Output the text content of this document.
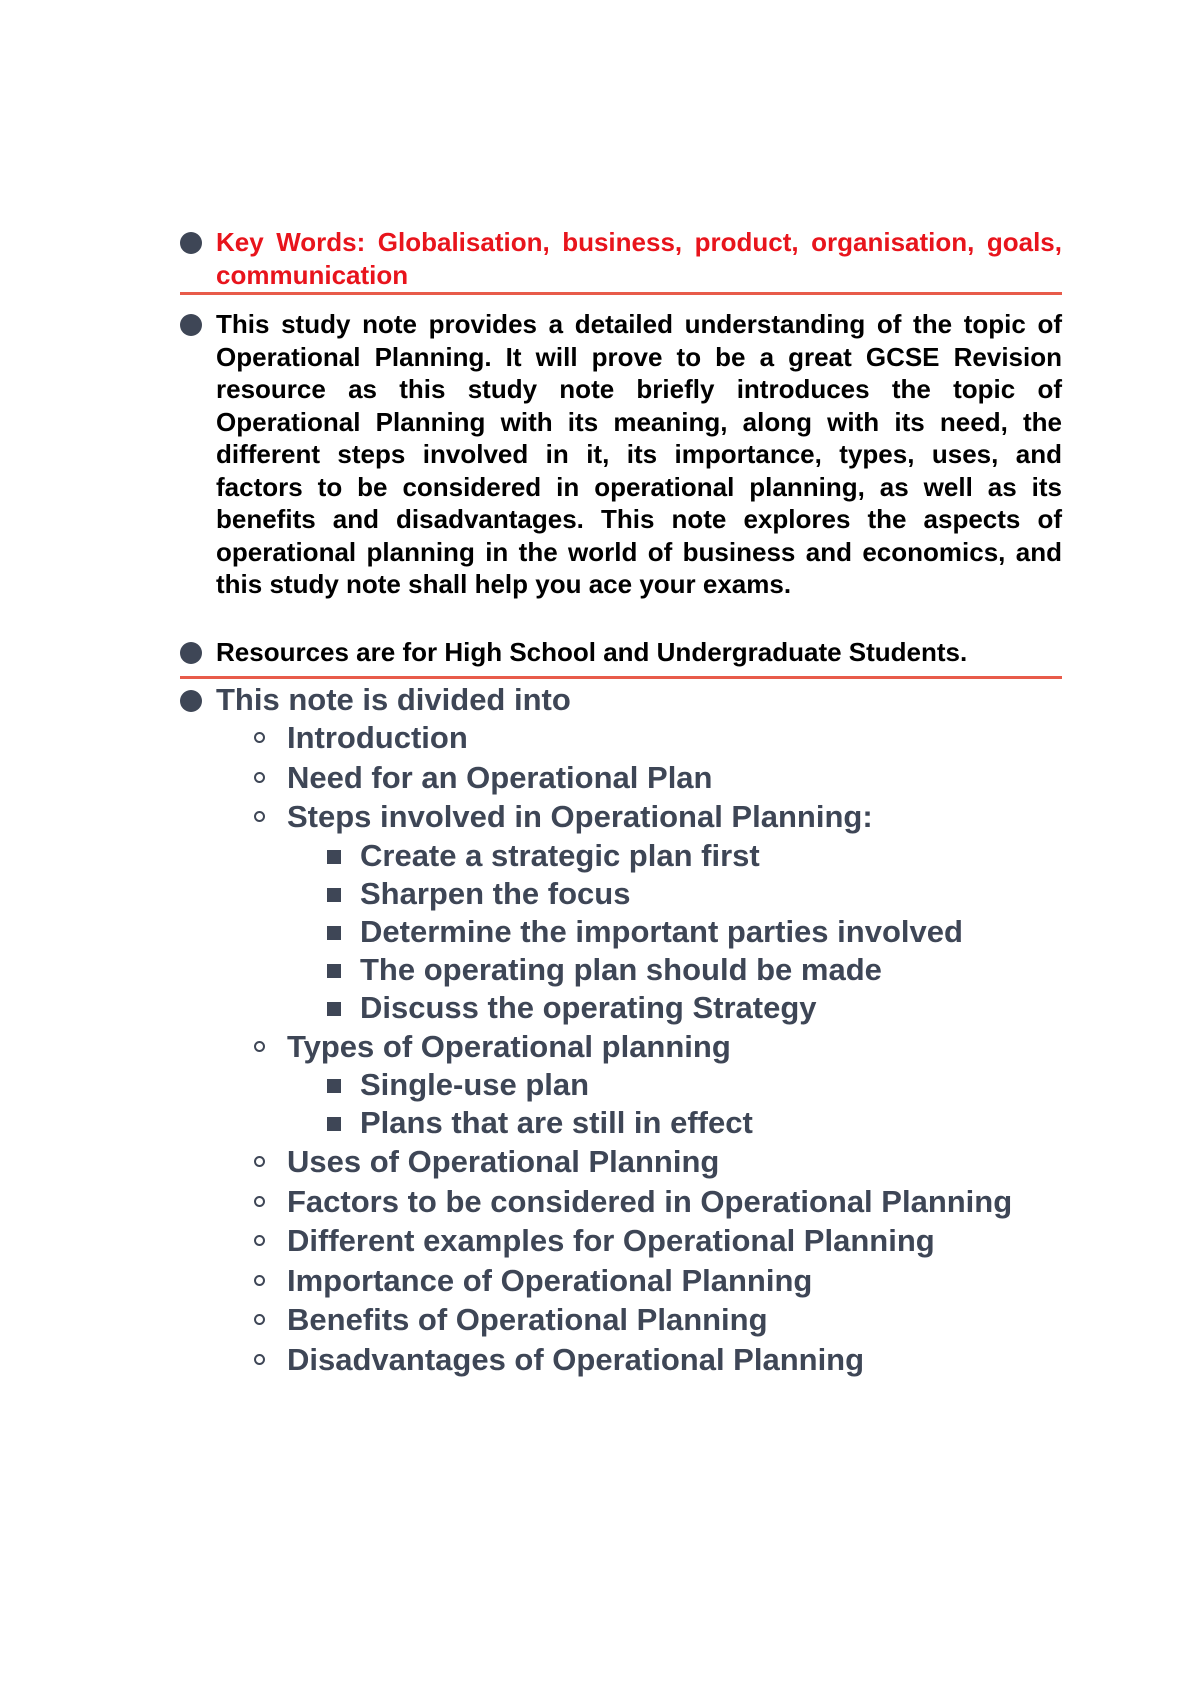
Key Words: Globalisation, business, product, organisation, goals, communication

This study note provides a detailed understanding of the topic of Operational Planning. It will prove to be a great GCSE Revision resource as this study note briefly introduces the topic of Operational Planning with its meaning, along with its need, the different steps involved in it, its importance, types, uses, and factors to be considered in operational planning, as well as its benefits and disadvantages. This note explores the aspects of operational planning in the world of business and economics, and this study note shall help you ace your exams.

Resources are for High School and Undergraduate Students.

This note is divided into

Introduction
Need for an Operational Plan
Steps involved in Operational Planning:
Create a strategic plan first
Sharpen the focus
Determine the important parties involved
The operating plan should be made
Discuss the operating Strategy
Types of Operational planning
Single-use plan
Plans that are still in effect
Uses of Operational Planning
Factors to be considered in Operational Planning
Different examples for Operational Planning
Importance of Operational Planning
Benefits of Operational Planning
Disadvantages of Operational Planning
